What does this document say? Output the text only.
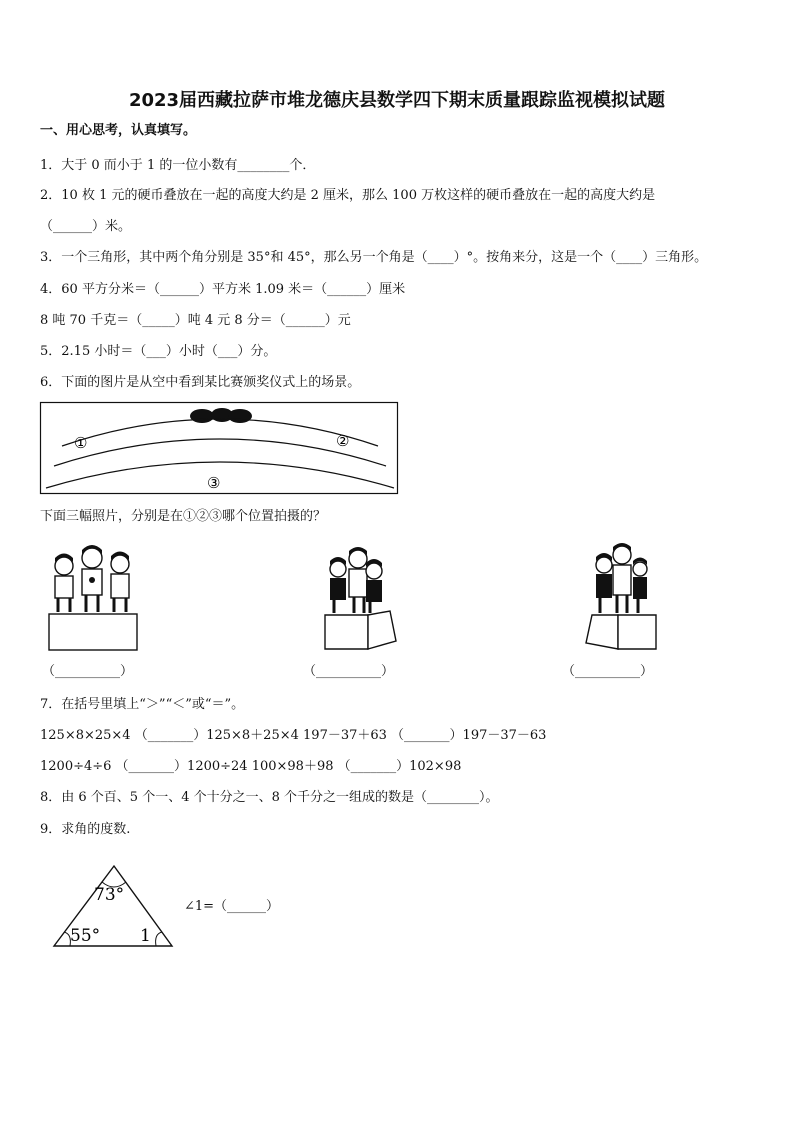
2023届西藏拉萨市堆龙德庆县数学四下期末质量跟踪监视模拟试题
一、用心思考，认真填写。
1．大于 0 而小于 1 的一位小数有________个．
2．10 枚 1 元的硬币叠放在一起的高度大约是 2 厘米，那么 100 万枚这样的硬币叠放在一起的高度大约是
（______）米。
3．一个三角形，其中两个角分别是 35°和 45°，那么另一个角是（____）°。按角来分，这是一个（____）三角形。
4．60 平方分米＝（______）平方米 1.09 米＝（______）厘米
8 吨 70 千克＝（_____）吨 4 元 8 分＝（______）元
5．2.15 小时＝（___）小时（___）分。
6．下面的图片是从空中看到某比赛颁奖仪式上的场景。
①	②
③
下面三幅照片，分别是在①②③哪个位置拍摄的？
（__________）	（__________）	（__________）
7．在括号里填上“＞”“＜”或“＝”。
125×8×25×4 （_______）125×8＋25×4 197－37＋63 （_______）197－37－63
1200÷4÷6 （_______）1200÷24 100×98＋98 （_______）102×98
8．由 6 个百、5 个一、4 个十分之一、8 个千分之一组成的数是（________）。
9．求角的度数.
73°
55° 1
∠1=（______）
